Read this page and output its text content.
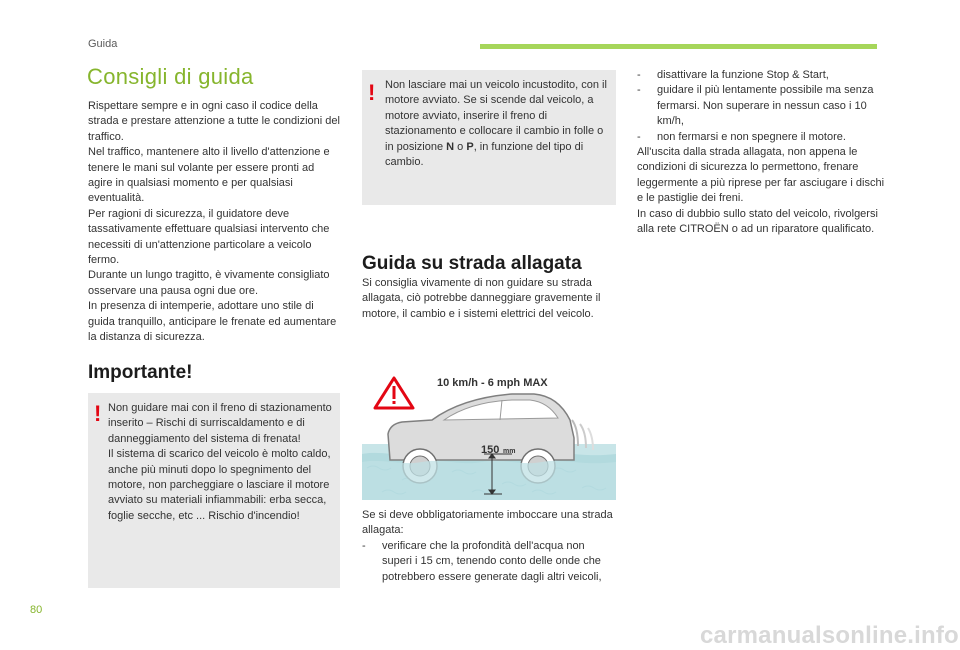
Guida
Consigli di guida

Rispettare sempre e in ogni caso il codice della strada e prestare attenzione a tutte le condizioni del traffico.

Nel traffico, mantenere alto il livello d'attenzione e tenere le mani sul volante per essere pronti ad agire in qualsiasi momento e per qualsiasi eventualità.

Per ragioni di sicurezza, il guidatore deve tassativamente effettuare qualsiasi intervento che necessiti di un'attenzione particolare a veicolo fermo.

Durante un lungo tragitto, è vivamente consigliato osservare una pausa ogni due ore.

In presenza di intemperie, adottare uno stile di guida tranquillo, anticipare le frenate ed aumentare la distanza di sicurezza.

Importante!
! Non guidare mai con il freno di stazionamento inserito – Rischi di surriscaldamento e di danneggiamento del sistema di frenata!

Il sistema di scarico del veicolo è molto caldo, anche più minuti dopo lo spegnimento del motore, non parcheggiare o lasciare il motore avviato su materiali infiammabili: erba secca, foglie secche, etc ... Rischio d'incendio!

! Non lasciare mai un veicolo incustodito, con il motore avviato. Se si scende dal veicolo, a motore avviato, inserire il freno di stazionamento e collocare il cambio in folle o in posizione N o P, in funzione del tipo di cambio.

Guida su strada allagata
Si consiglia vivamente di non guidare su strada allagata, ciò potrebbe danneggiare gravemente il motore, il cambio e i sistemi elettrici del veicolo.
10 km/h - 6 mph MAX
150 mm

Se si deve obbligatoriamente imboccare una strada allagata:

- verificare che la profondità dell'acqua non superi i 15 cm, tenendo conto delle onde che potrebbero essere generate dagli altri veicoli,
- disattivare la funzione Stop & Start,
- guidare il più lentamente possibile ma senza fermarsi. Non superare in nessun caso i 10 km/h,
- non fermarsi e non spegnere il motore.

All'uscita dalla strada allagata, non appena le condizioni di sicurezza lo permettono, frenare leggermente a più riprese per far asciugare i dischi e le pastiglie dei freni.

In caso di dubbio sullo stato del veicolo, rivolgersi alla rete CITROËN o ad un riparatore qualificato.

80
carmanualsonline.info
